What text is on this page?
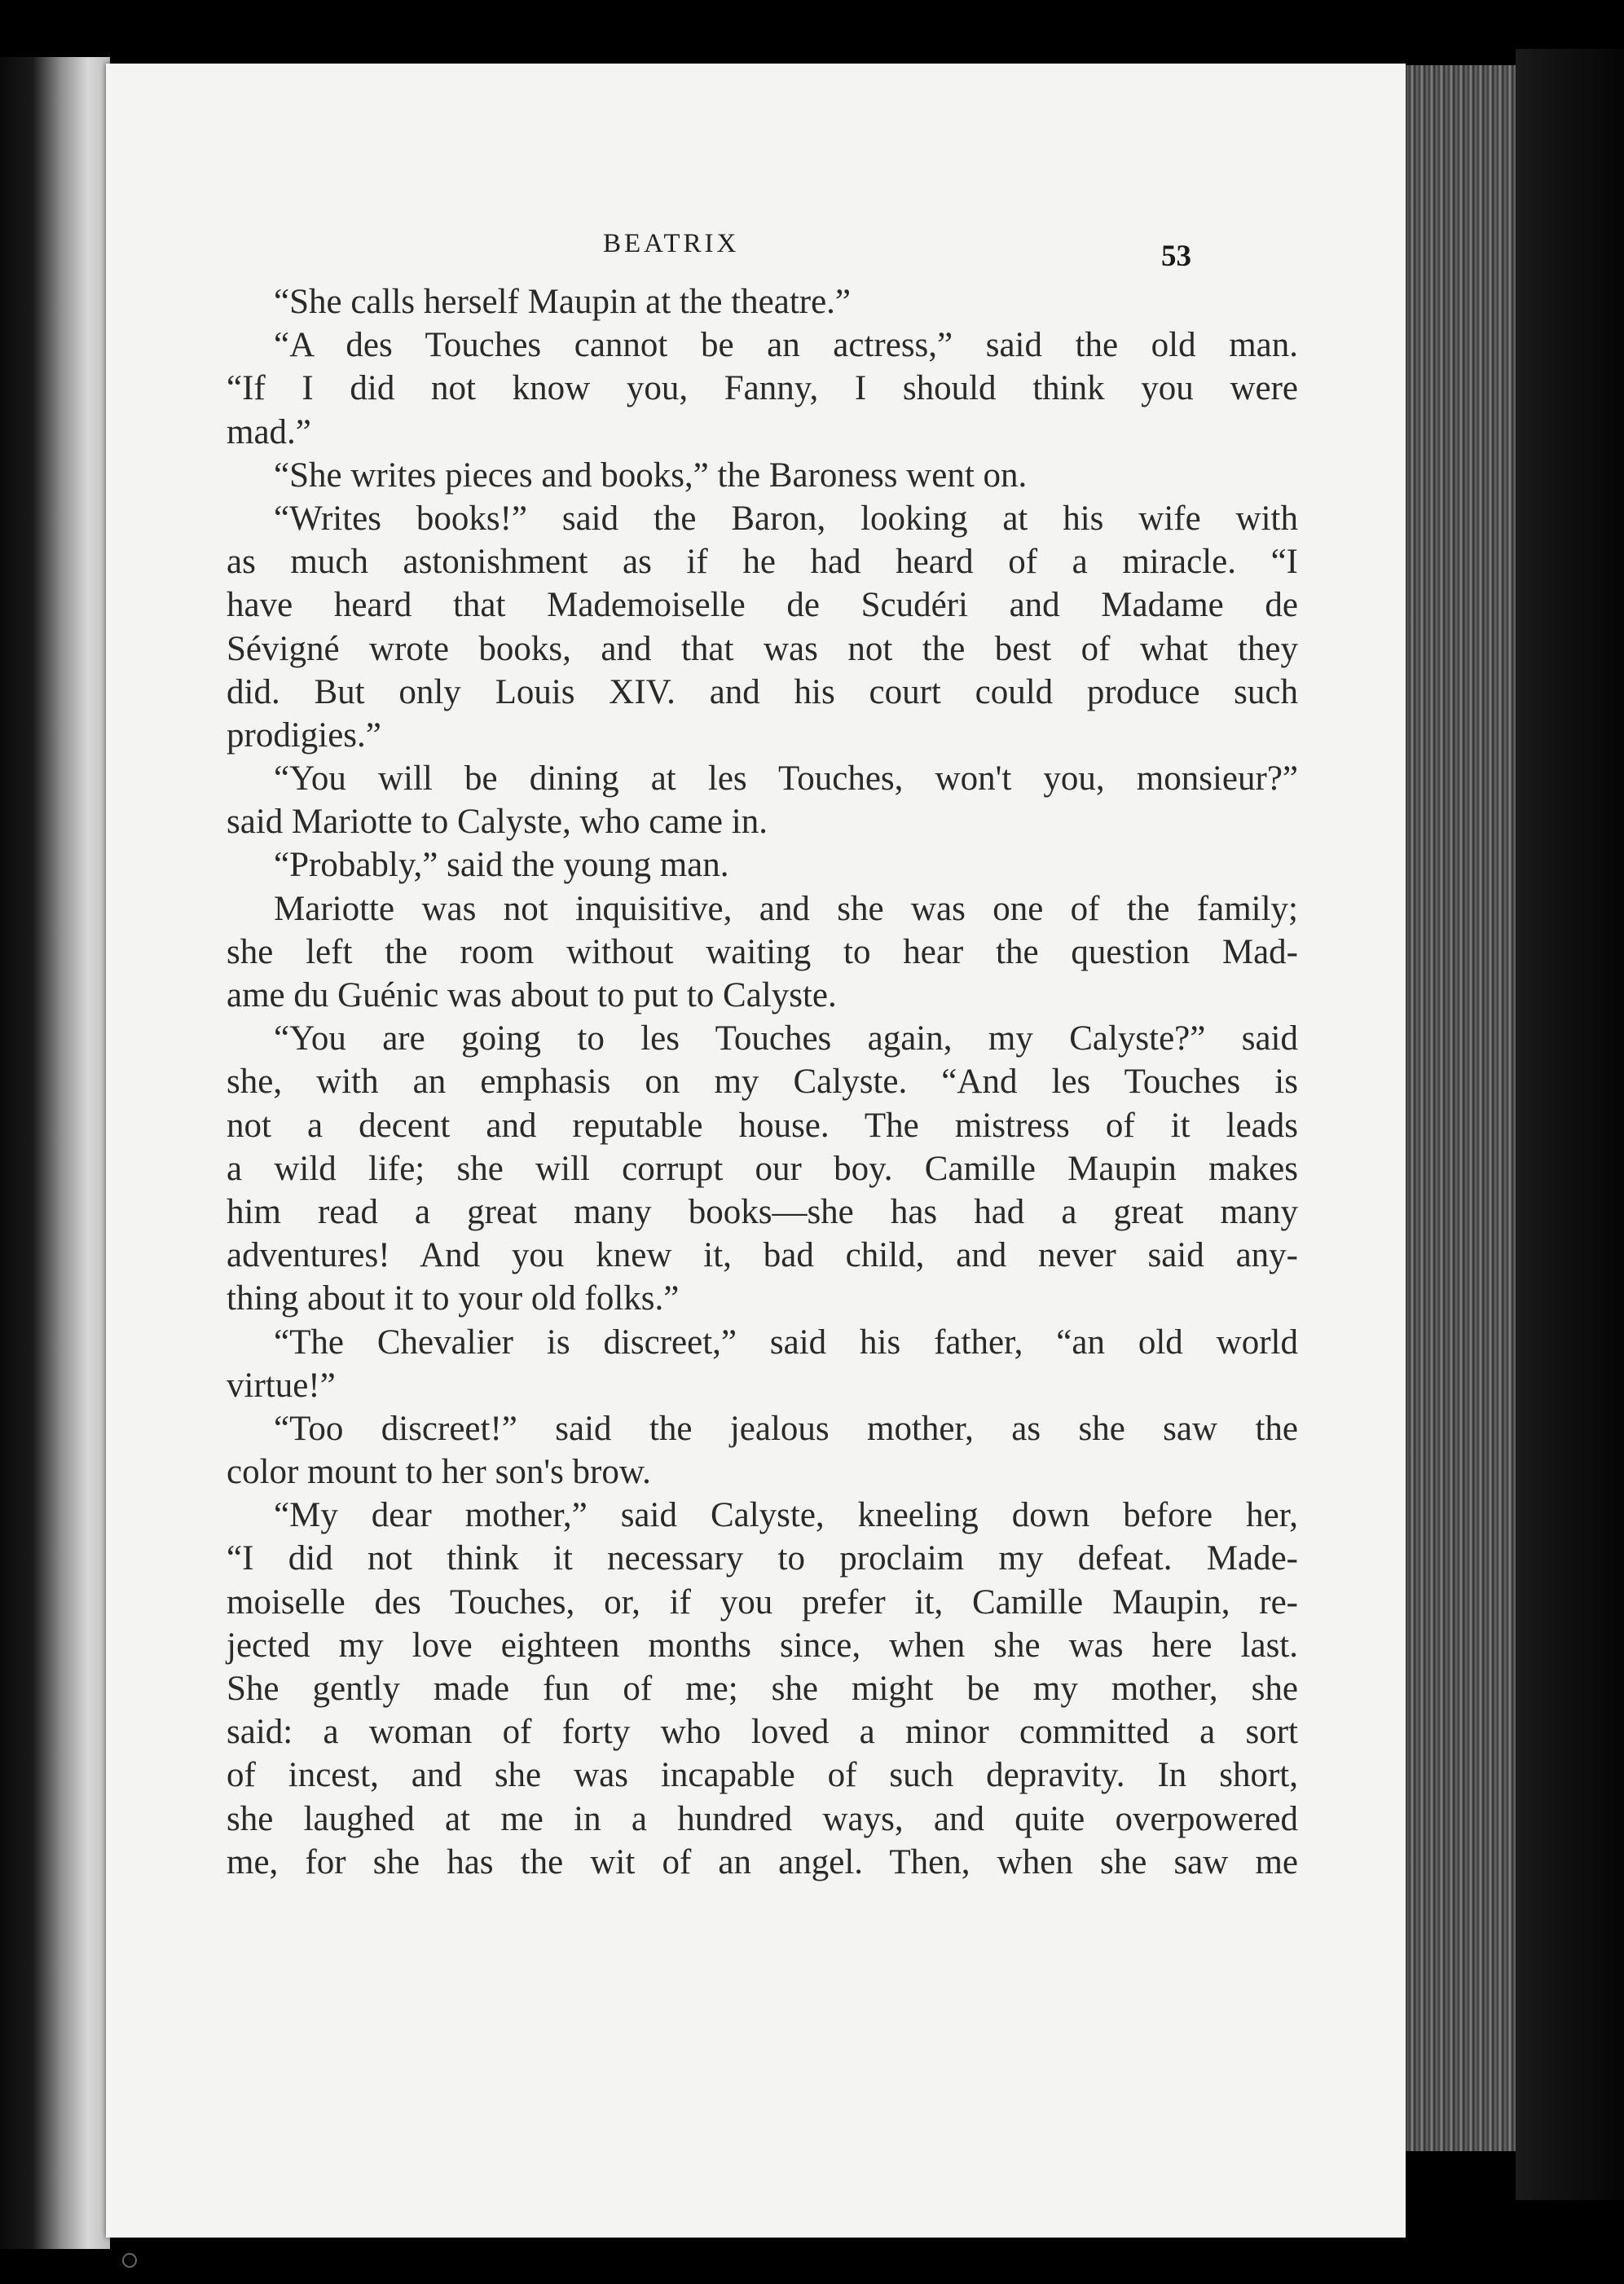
BEATRIX	53
“She calls herself Maupin at the theatre.”
“A des Touches cannot be an actress,” said the old man.
“If I did not know you, Fanny, I should think you were
mad.”
“She writes pieces and books,” the Baroness went on.
“Writes books!” said the Baron, looking at his wife with
as much astonishment as if he had heard of a miracle. “I
have heard that Mademoiselle de Scudéri and Madame de
Sévigné wrote books, and that was not the best of what they
did. But only Louis XIV. and his court could produce such
prodigies.”
“You will be dining at les Touches, won't you, monsieur?”
said Mariotte to Calyste, who came in.
“Probably,” said the young man.
Mariotte was not inquisitive, and she was one of the family;
she left the room without waiting to hear the question Mad-
ame du Guénic was about to put to Calyste.
“You are going to les Touches again, my Calyste?” said
she, with an emphasis on my Calyste. “And les Touches is
not a decent and reputable house. The mistress of it leads
a wild life; she will corrupt our boy. Camille Maupin makes
him read a great many books—she has had a great many
adventures! And you knew it, bad child, and never said any-
thing about it to your old folks.”
“The Chevalier is discreet,” said his father, “an old world
virtue!”
“Too discreet!” said the jealous mother, as she saw the
color mount to her son's brow.
“My dear mother,” said Calyste, kneeling down before her,
“I did not think it necessary to proclaim my defeat. Made-
moiselle des Touches, or, if you prefer it, Camille Maupin, re-
jected my love eighteen months since, when she was here last.
She gently made fun of me; she might be my mother, she
said: a woman of forty who loved a minor committed a sort
of incest, and she was incapable of such depravity. In short,
she laughed at me in a hundred ways, and quite overpowered
me, for she has the wit of an angel. Then, when she saw me
